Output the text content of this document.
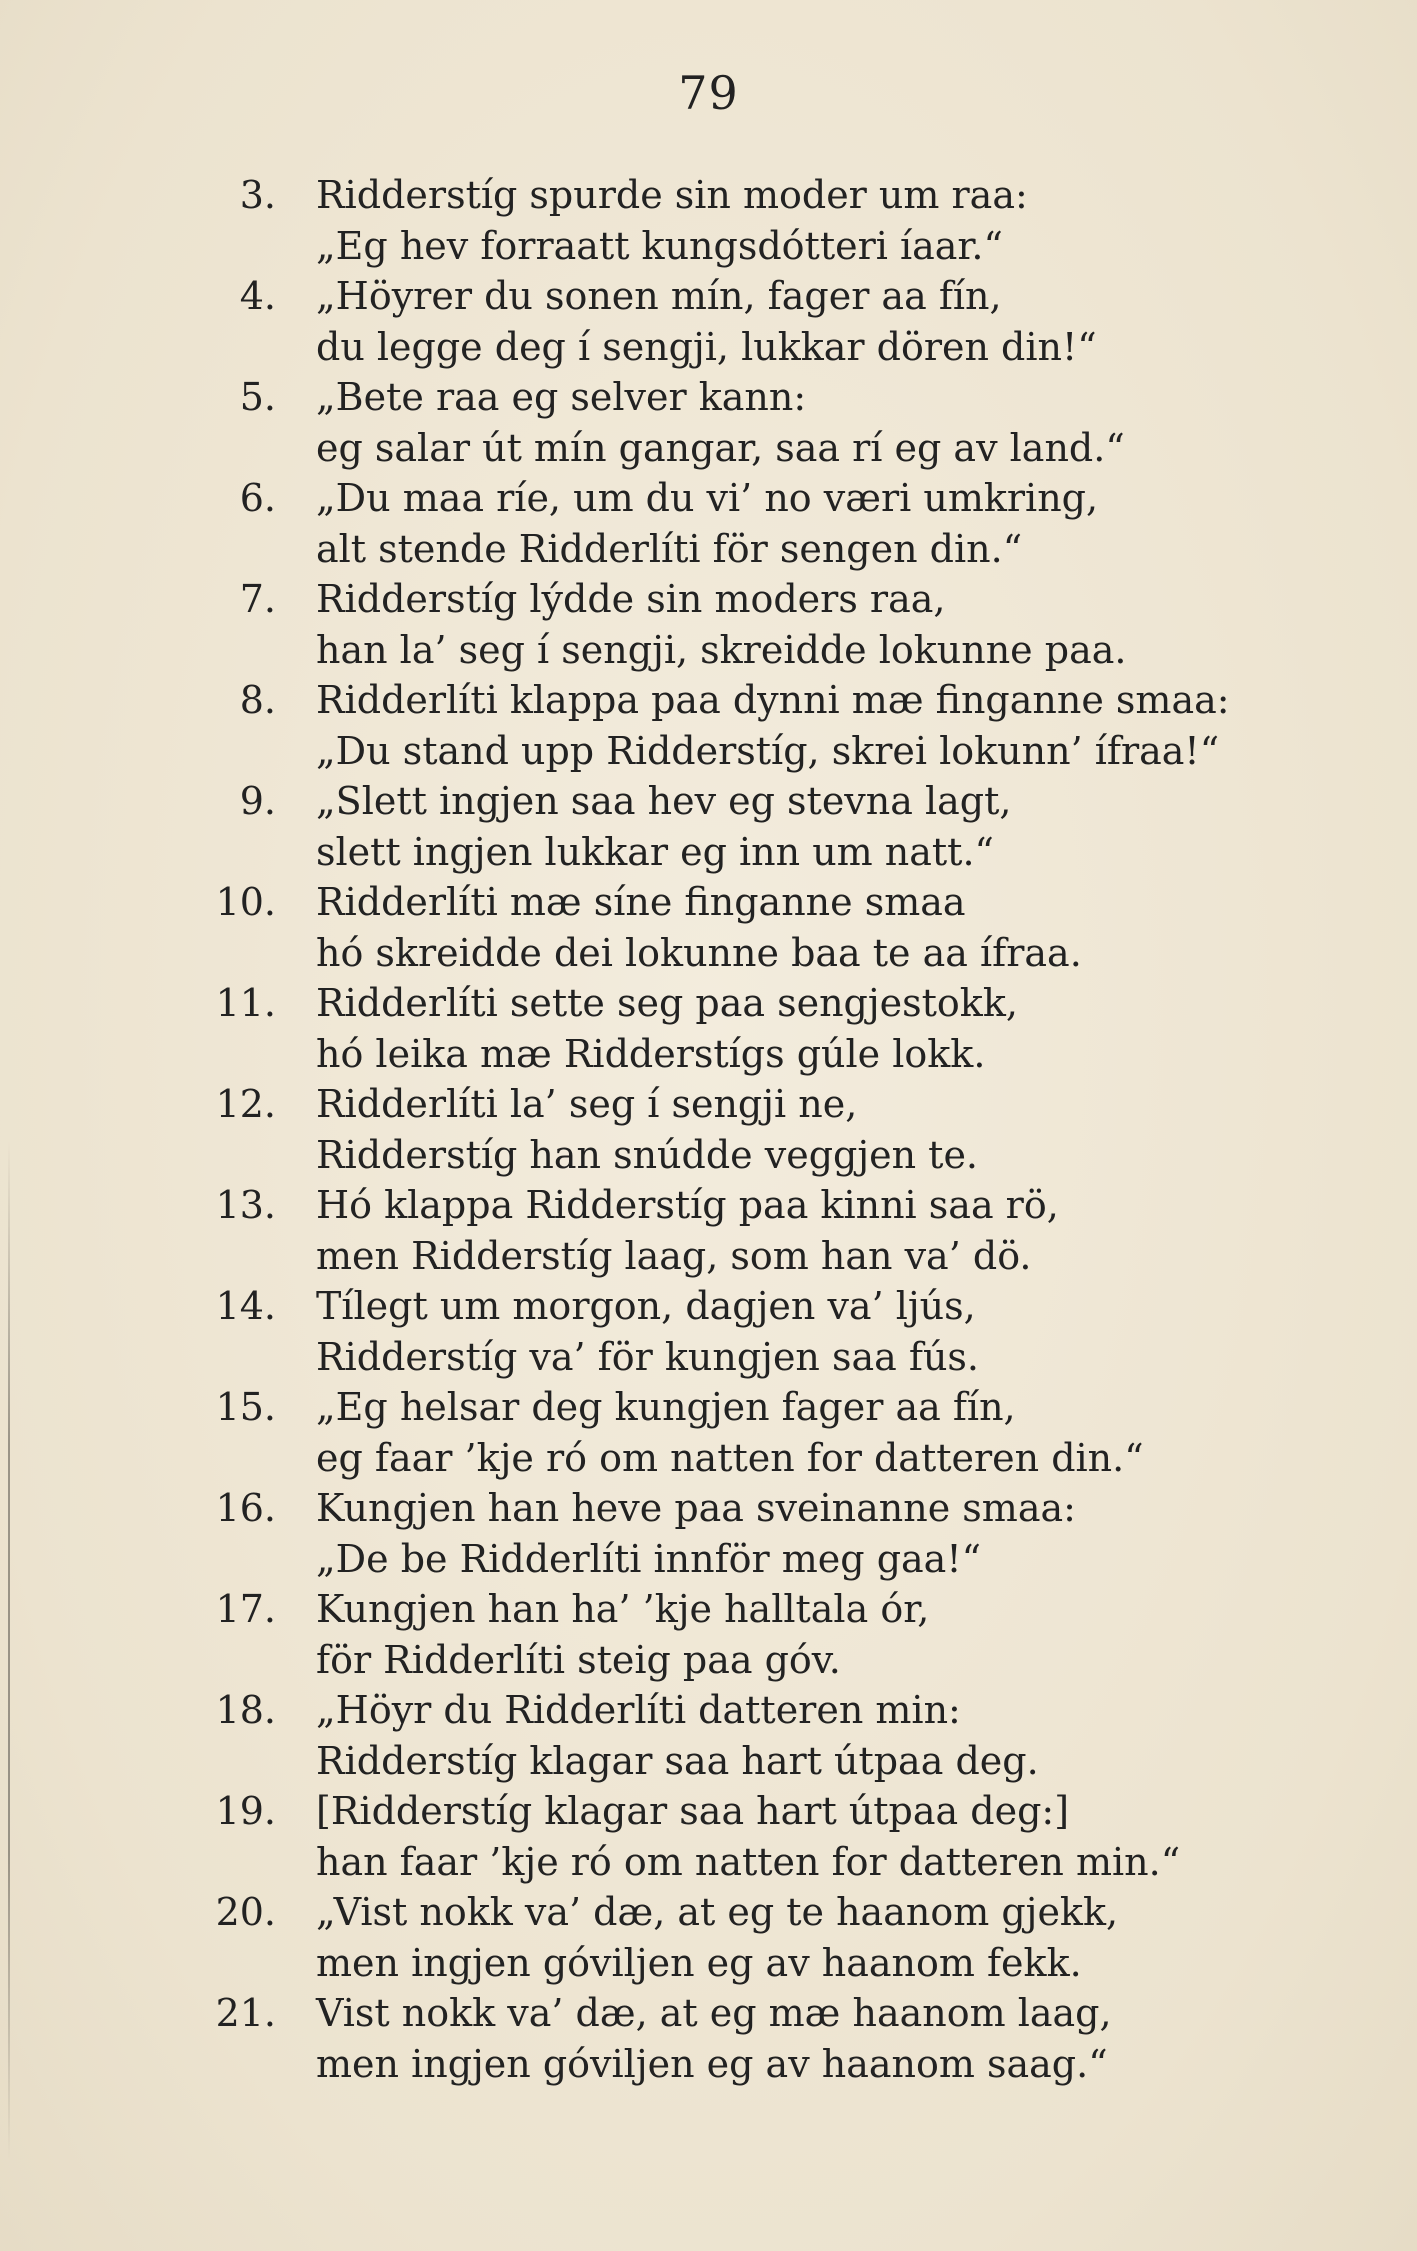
79
3. Ridderstíg spurde sin moder um raa:
„Eg hev forraatt kungsdótteri íaar.“
4. „Höyrer du sonen mín, fager aa fín,
du legge deg í sengji, lukkar dören din!“
5. „Bete raa eg selver kann:
eg salar út mín gangar, saa rí eg av land.“
6. „Du maa ríe, um du vi’ no væri umkring,
alt stende Ridderlíti för sengen din.“
7. Ridderstíg lýdde sin moders raa,
han la’ seg í sengji, skreidde lokunne paa.
8. Ridderlíti klappa paa dynni mæ finganne smaa:
„Du stand upp Ridderstíg, skrei lokunn’ ífraa!“
9. „Slett ingjen saa hev eg stevna lagt,
slett ingjen lukkar eg inn um natt.“
10. Ridderlíti mæ síne finganne smaa
hó skreidde dei lokunne baa te aa ífraa.
11. Ridderlíti sette seg paa sengjestokk,
hó leika mæ Ridderstígs gúle lokk.
12. Ridderlíti la’ seg í sengji ne,
Ridderstíg han snúdde veggjen te.
13. Hó klappa Ridderstíg paa kinni saa rö,
men Ridderstíg laag, som han va’ dö.
14. Tílegt um morgon, dagjen va’ ljús,
Ridderstíg va’ för kungjen saa fús.
15. „Eg helsar deg kungjen fager aa fín,
eg faar ’kje ró om natten for datteren din.“
16. Kungjen han heve paa sveinanne smaa:
„De be Ridderlíti innför meg gaa!“
17. Kungjen han ha’ ’kje halltala ór,
för Ridderlíti steig paa góv.
18. „Höyr du Ridderlíti datteren min:
Ridderstíg klagar saa hart útpaa deg.
19. [Ridderstíg klagar saa hart útpaa deg:]
han faar ’kje ró om natten for datteren min.“
20. „Vist nokk va’ dæ, at eg te haanom gjekk,
men ingjen góviljen eg av haanom fekk.
21. Vist nokk va’ dæ, at eg mæ haanom laag,
men ingjen góviljen eg av haanom saag.“
